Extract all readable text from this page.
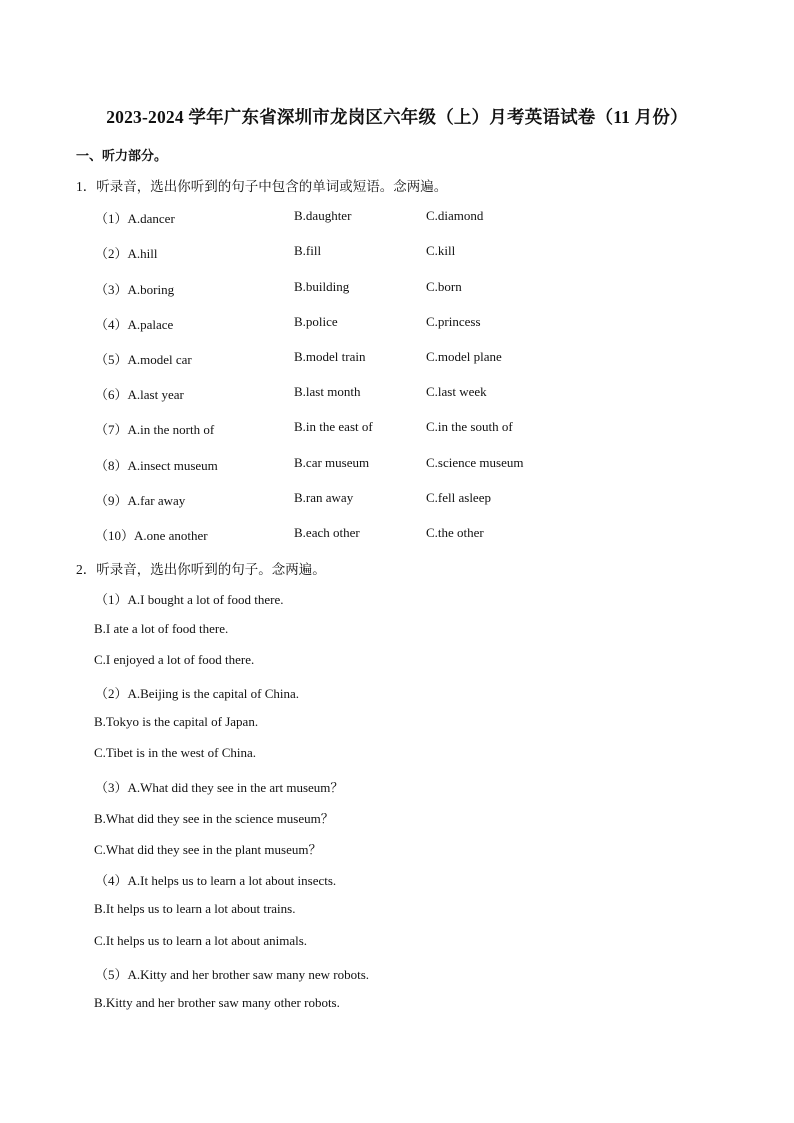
2023-2024 学年广东省深圳市龙岗区六年级（上）月考英语试卷（11 月份）
一、听力部分。
1．听录音，选出你听到的句子中包含的单词或短语。念两遍。
（1）A.dancer	B.daughter	C.diamond
（2）A.hill	B.fill	C.kill
（3）A.boring	B.building	C.born
（4）A.palace	B.police	C.princess
（5）A.model car	B.model train	C.model plane
（6）A.last year	B.last month	C.last week
（7）A.in the north of	B.in the east of	C.in the south of
（8）A.insect museum	B.car museum	C.science museum
（9）A.far away	B.ran away	C.fell asleep
（10）A.one another	B.each other	C.the other
2．听录音，选出你听到的句子。念两遍。
（1）A.I bought a lot of food there.
B.I ate a lot of food there.
C.I enjoyed a lot of food there.
（2）A.Beijing is the capital of China.
B.Tokyo is the capital of Japan.
C.Tibet is in the west of China.
（3）A.What did they see in the art museum？
B.What did they see in the science museum？
C.What did they see in the plant museum？
（4）A.It helps us to learn a lot about insects.
B.It helps us to learn a lot about trains.
C.It helps us to learn a lot about animals.
（5）A.Kitty and her brother saw many new robots.
B.Kitty and her brother saw many other robots.
